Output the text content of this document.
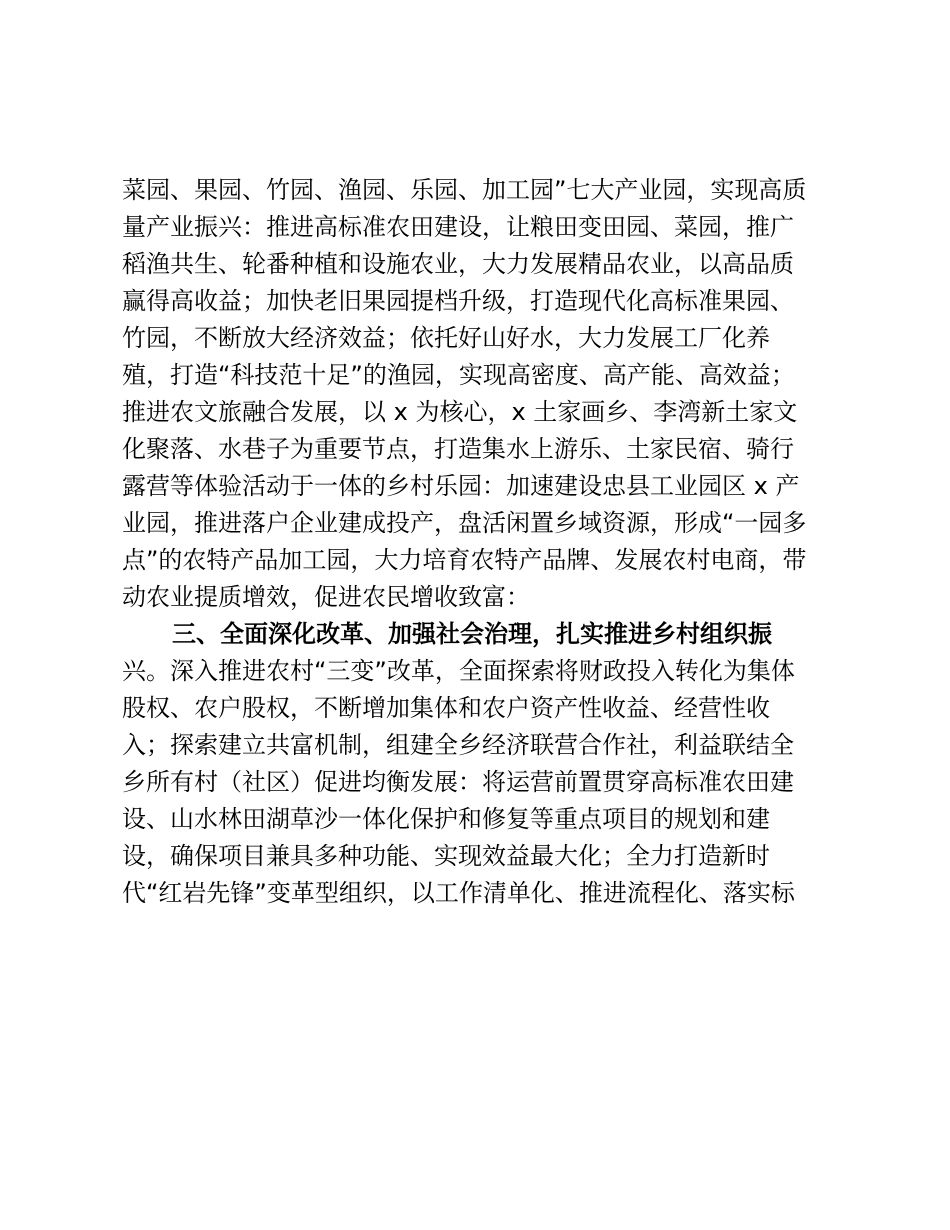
菜园、果园、竹园、渔园、乐园、加工园”七大产业园，实现高质
量产业振兴：推进高标准农田建设，让粮田变田园、菜园，推广
稻渔共生、轮番种植和设施农业，大力发展精品农业，以高品质
赢得高收益；加快老旧果园提档升级，打造现代化高标准果园、
竹园，不断放大经济效益；依托好山好水，大力发展工厂化养
殖，打造“科技范十足”的渔园，实现高密度、高产能、高效益；
推进农文旅融合发展，以 x 为核心，x 土家画乡、李湾新土家文
化聚落、水巷子为重要节点，打造集水上游乐、土家民宿、骑行
露营等体验活动于一体的乡村乐园：加速建设忠县工业园区 x 产
业园，推进落户企业建成投产，盘活闲置乡域资源，形成“一园多
点”的农特产品加工园，大力培育农特产品牌、发展农村电商，带
动农业提质增效，促进农民增收致富：
三、全面深化改革、加强社会治理，扎实推进乡村组织振
兴。深入推进农村“三变”改革，全面探索将财政投入转化为集体
股权、农户股权，不断增加集体和农户资产性收益、经营性收
入；探索建立共富机制，组建全乡经济联营合作社，利益联结全
乡所有村（社区）促进均衡发展：将运营前置贯穿高标准农田建
设、山水林田湖草沙一体化保护和修复等重点项目的规划和建
设，确保项目兼具多种功能、实现效益最大化；全力打造新时
代“红岩先锋”变革型组织，以工作清单化、推进流程化、落实标
